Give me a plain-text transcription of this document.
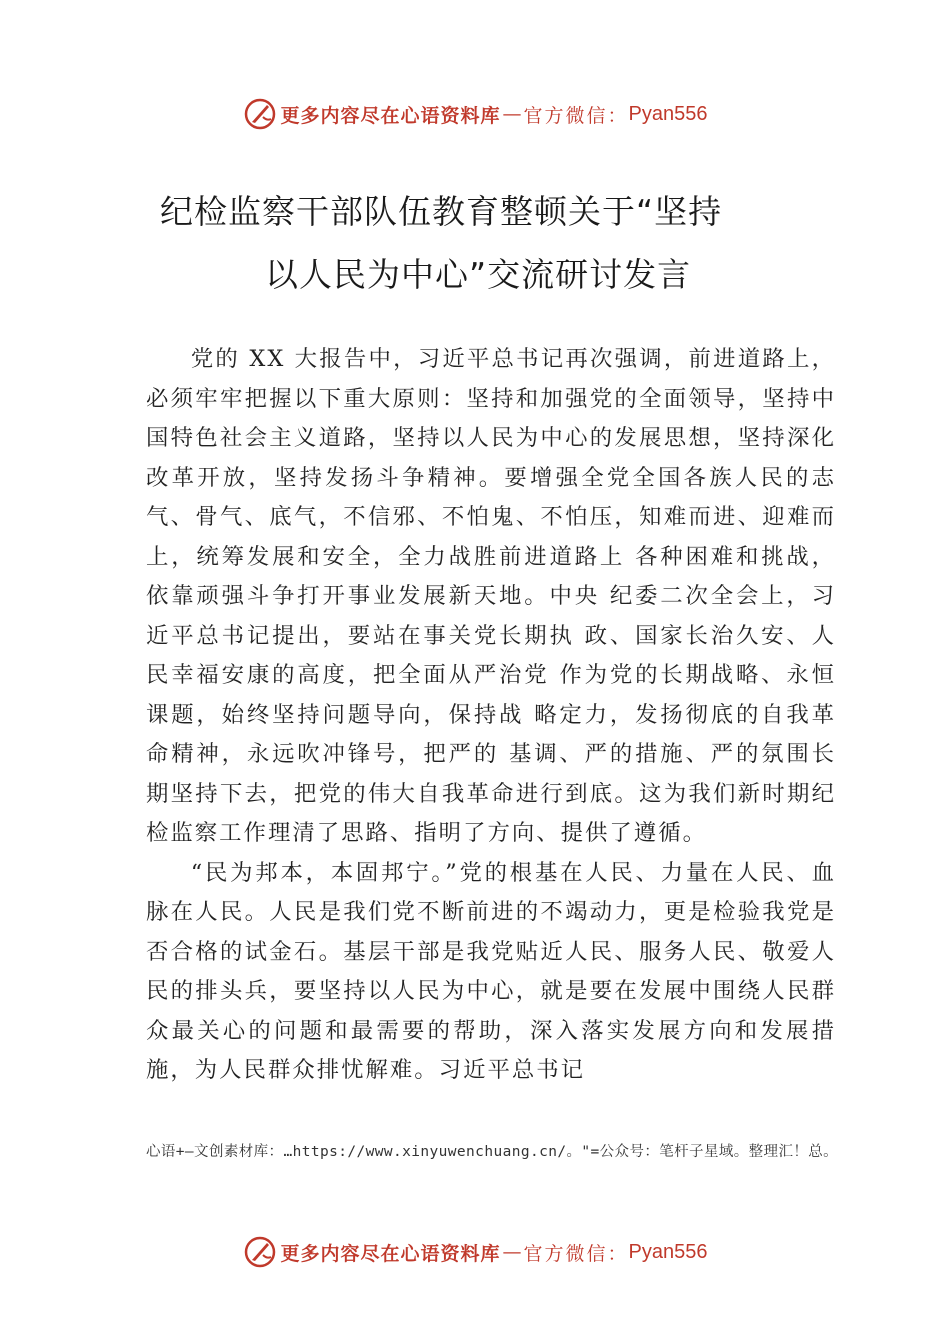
更多内容尽在心语资料库 — 官方微信： Pyan556
纪检监察干部队伍教育整顿关于“坚持
以人民为中心”交流研讨发言

党的 XX 大报告中，习近平总书记再次强调，前进道路上，必须牢牢把握以下重大原则：坚持和加强党的全面领导，坚持中国特色社会主义道路，坚持以人民为中心的发展思想，坚持深化改革开放，坚持发扬斗争精神。要增强全党全国各族人民的志气、骨气、底气，不信邪、不怕鬼、不怕压，知难而进、迎难而上，统筹发展和安全，全力战胜前进道路上 各种困难和挑战，依靠顽强斗争打开事业发展新天地。中央 纪委二次全会上，习近平总书记提出，要站在事关党长期执 政、国家长治久安、人民幸福安康的高度，把全面从严治党 作为党的长期战略、永恒课题，始终坚持问题导向，保持战 略定力，发扬彻底的自我革命精神，永远吹冲锋号，把严的 基调、严的措施、严的氛围长期坚持下去，把党的伟大自我革命进行到底。这为我们新时期纪检监察工作理清了思路、指明了方向、提供了遵循。

“民为邦本，本固邦宁。”党的根基在人民、力量在人民、血脉在人民。人民是我们党不断前进的不竭动力，更是检验我党是否合格的试金石。基层干部是我党贴近人民、服务人民、敬爱人民的排头兵，要坚持以人民为中心，就是要在发展中围绕人民群众最关心的问题和最需要的帮助，深入落实发展方向和发展措施，为人民群众排忧解难。习近平总书记

心语+—文创素材库：…https://www.xinyuwenchuang.cn/。"=公众号：笔杆子星域。整理汇！总。
更多内容尽在心语资料库 — 官方微信： Pyan556
